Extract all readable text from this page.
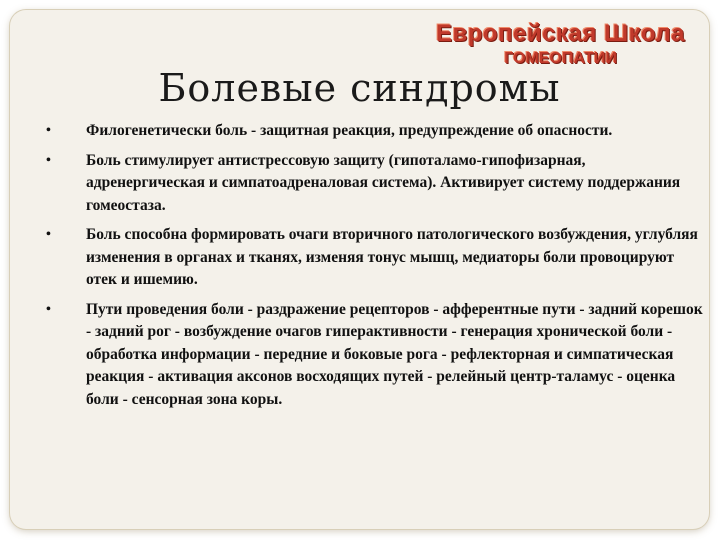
Европейская Школа
ГОМЕОПАТИИ
Болевые синдромы
•	Филогенетически боль - защитная реакция, предупреждение об опасности.
•	Боль стимулирует антистрессовую защиту (гипоталамо-гипофизарная, адренергическая и симпатоадреналовая система). Активирует систему поддержания гомеостаза.
•	Боль способна формировать очаги вторичного патологического возбуждения, углубляя изменения в органах и тканях, изменяя тонус мышц, медиаторы боли провоцируют отек и ишемию.
•	Пути проведения боли - раздражение рецепторов - афферентные пути - задний корешок - задний рог - возбуждение очагов гиперактивности - генерация хронической боли - обработка информации - передние и боковые рога - рефлекторная и симпатическая реакция - активация аксонов восходящих путей - релейный центр-таламус - оценка боли - сенсорная зона коры.
